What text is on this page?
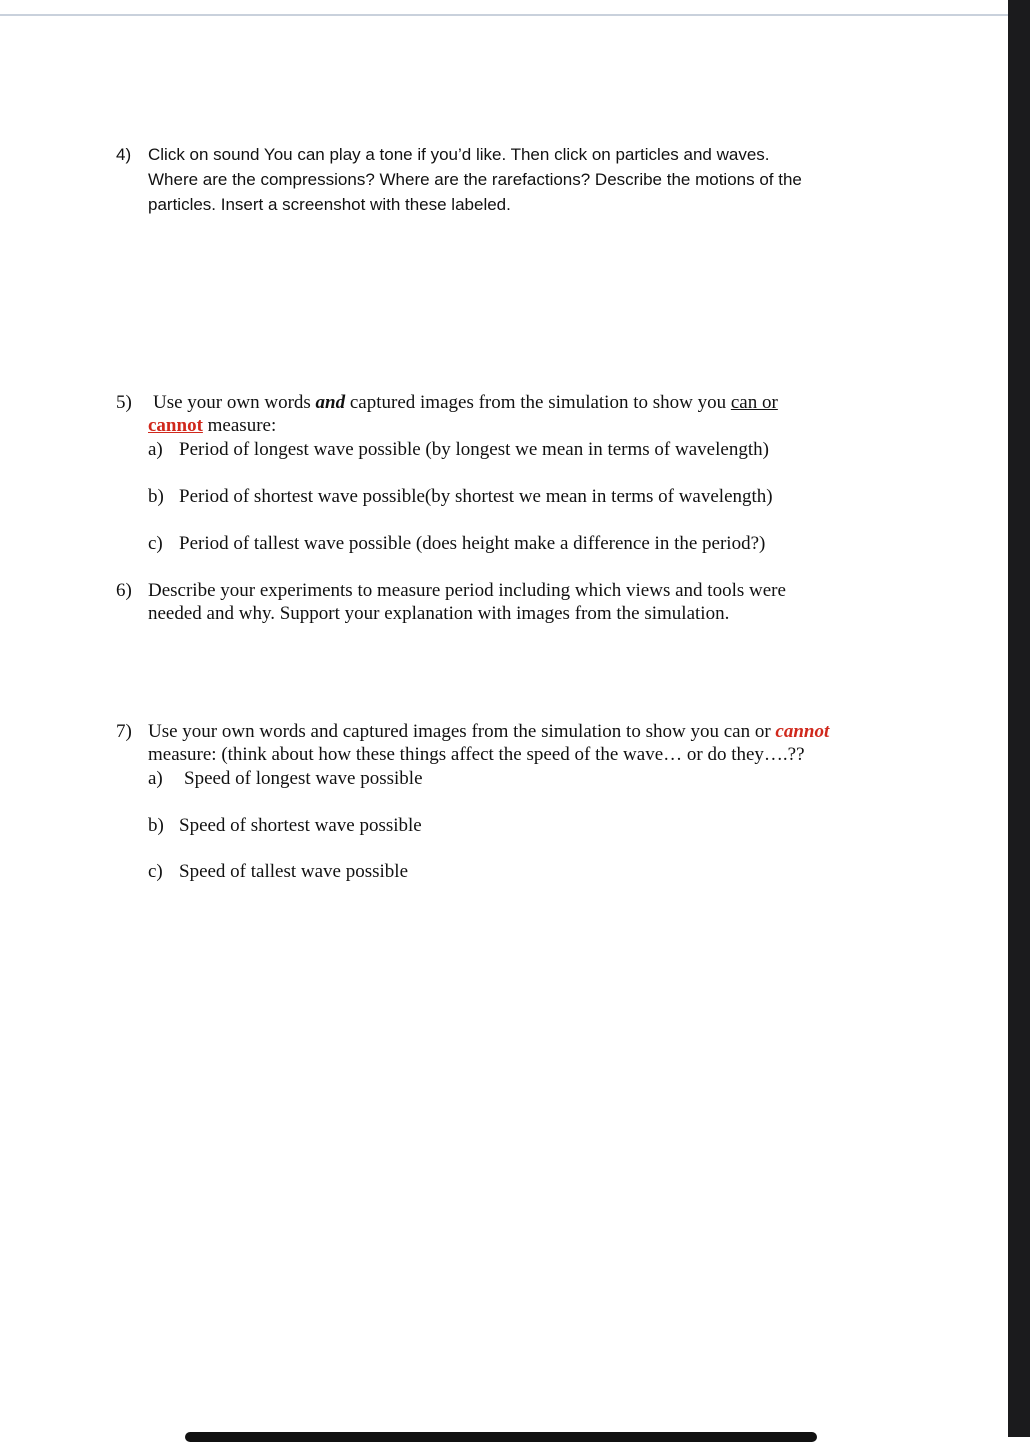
4) Click on sound You can play a tone if you’d like. Then click on particles and waves.
Where are the compressions? Where are the rarefactions? Describe the motions of the
particles. Insert a screenshot with these labeled.
5) Use your own words and captured images from the simulation to show you can or
cannot measure:
a) Period of longest wave possible (by longest we mean in terms of wavelength)
b) Period of shortest wave possible(by shortest we mean in terms of wavelength)
c) Period of tallest wave possible (does height make a difference in the period?)
6) Describe your experiments to measure period including which views and tools were
needed and why. Support your explanation with images from the simulation.
7) Use your own words and captured images from the simulation to show you can or cannot
measure: (think about how these things affect the speed of the wave… or do they….??
a) Speed of longest wave possible
b) Speed of shortest wave possible
c) Speed of tallest wave possible
